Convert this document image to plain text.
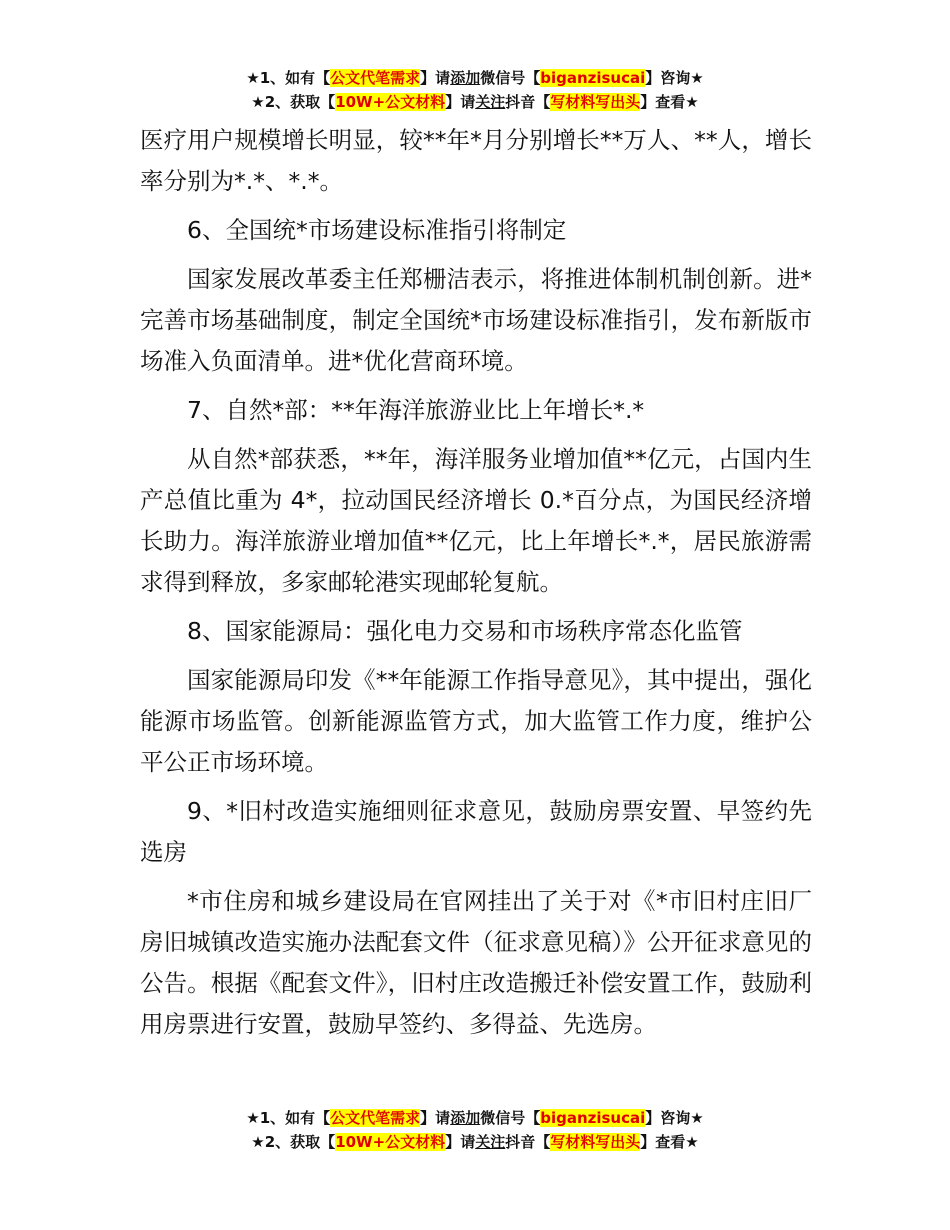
★1、如有【公文代笔需求】请添加微信号【biganzisucai】咨询★
★2、获取【10W+公文材料】请关注抖音【写材料写出头】查看★

医疗用户规模增长明显，较**年*月分别增长**万人、**人，增长率分别为*.*、*.*。

6、全国统*市场建设标准指引将制定

国家发展改革委主任郑栅洁表示，将推进体制机制创新。进*完善市场基础制度，制定全国统*市场建设标准指引，发布新版市场准入负面清单。进*优化营商环境。

7、自然*部：**年海洋旅游业比上年增长*.*

从自然*部获悉，**年，海洋服务业增加值**亿元，占国内生产总值比重为 4*，拉动国民经济增长 0.*百分点，为国民经济增长助力。海洋旅游业增加值**亿元，比上年增长*.*，居民旅游需求得到释放，多家邮轮港实现邮轮复航。

8、国家能源局：强化电力交易和市场秩序常态化监管

国家能源局印发《**年能源工作指导意见》，其中提出，强化能源市场监管。创新能源监管方式，加大监管工作力度，维护公平公正市场环境。

9、*旧村改造实施细则征求意见，鼓励房票安置、早签约先选房

*市住房和城乡建设局在官网挂出了关于对《*市旧村庄旧厂房旧城镇改造实施办法配套文件（征求意见稿）》公开征求意见的公告。根据《配套文件》，旧村庄改造搬迁补偿安置工作，鼓励利用房票进行安置，鼓励早签约、多得益、先选房。

★1、如有【公文代笔需求】请添加微信号【biganzisucai】咨询★
★2、获取【10W+公文材料】请关注抖音【写材料写出头】查看★
